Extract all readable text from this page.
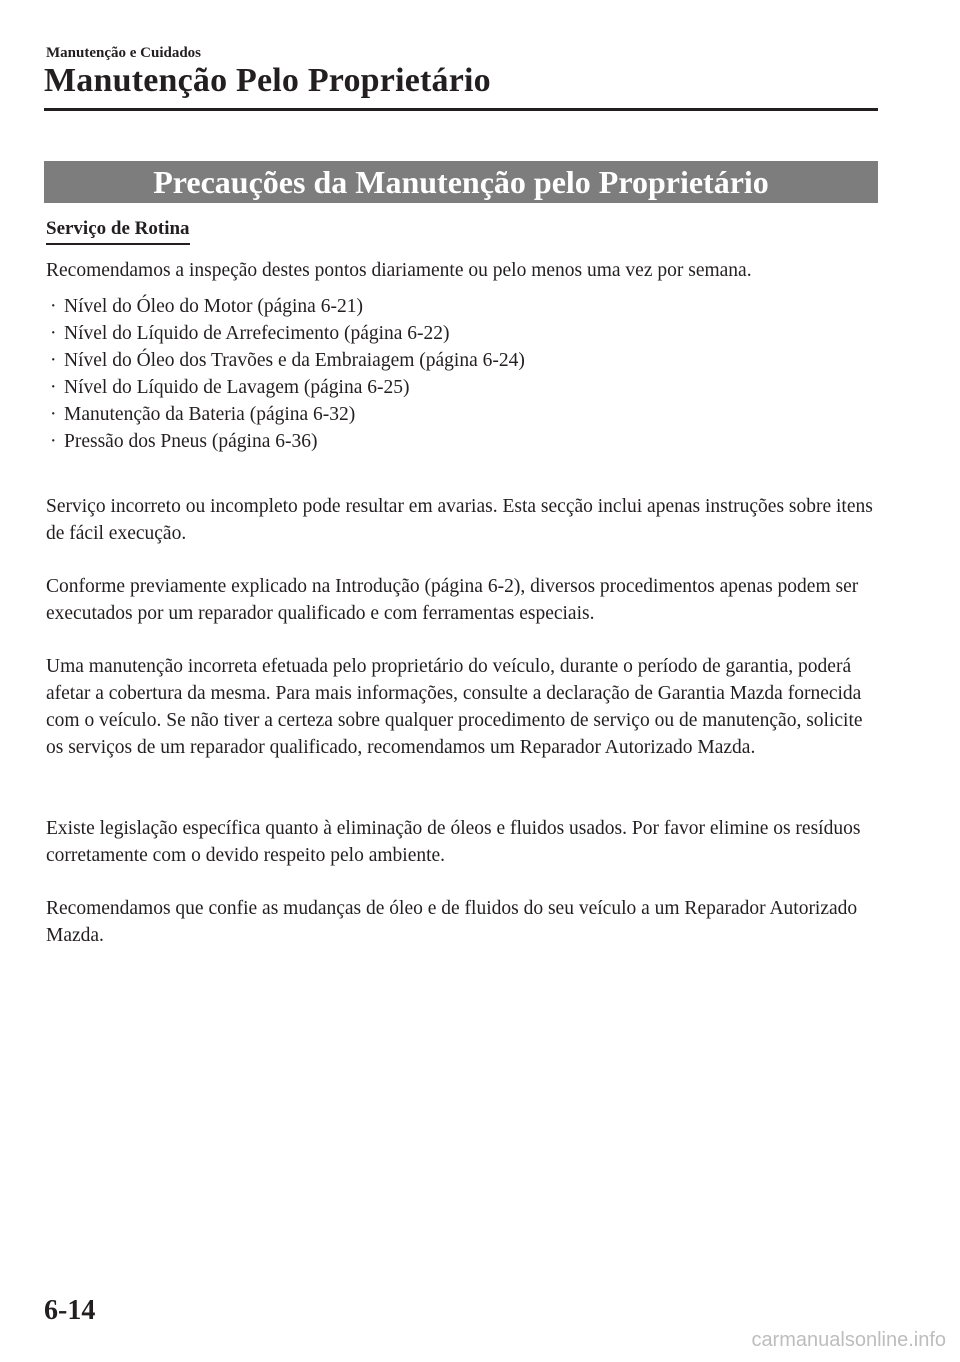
Manutenção e Cuidados
Manutenção Pelo Proprietário
Precauções da Manutenção pelo Proprietário
Serviço de Rotina

Recomendamos a inspeção destes pontos diariamente ou pelo menos uma vez por semana.

· Nível do Óleo do Motor (página 6-21)
· Nível do Líquido de Arrefecimento (página 6-22)
· Nível do Óleo dos Travões e da Embraiagem (página 6-24)
· Nível do Líquido de Lavagem (página 6-25)
· Manutenção da Bateria (página 6-32)
· Pressão dos Pneus (página 6-36)

Serviço incorreto ou incompleto pode resultar em avarias. Esta secção inclui apenas instruções sobre itens de fácil execução.

Conforme previamente explicado na Introdução (página 6-2), diversos procedimentos apenas podem ser executados por um reparador qualificado e com ferramentas especiais.

Uma manutenção incorreta efetuada pelo proprietário do veículo, durante o período de garantia, poderá afetar a cobertura da mesma. Para mais informações, consulte a declaração de Garantia Mazda fornecida com o veículo. Se não tiver a certeza sobre qualquer procedimento de serviço ou de manutenção, solicite os serviços de um reparador qualificado, recomendamos um Reparador Autorizado Mazda.

Existe legislação específica quanto à eliminação de óleos e fluidos usados. Por favor elimine os resíduos corretamente com o devido respeito pelo ambiente.

Recomendamos que confie as mudanças de óleo e de fluidos do seu veículo a um Reparador Autorizado Mazda.

6-14
carmanualsonline.info
